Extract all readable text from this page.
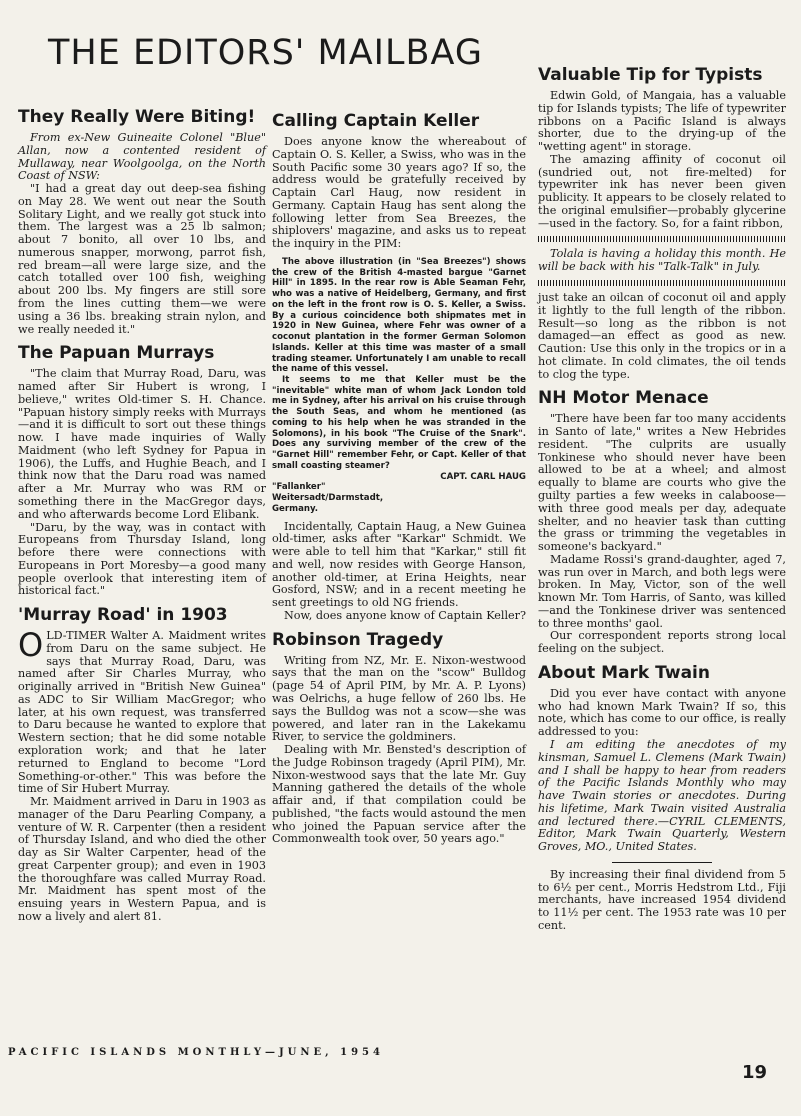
THE EDITORS' MAILBAG
They Really Were Biting!

From ex-New Guineaite Colonel "Blue" Allan, now a contented resident of Mullaway, near Woolgoolga, on the North Coast of NSW:

"I had a great day out deep-sea fishing on May 28. We went out near the South Solitary Light, and we really got stuck into them. The largest was a 25 lb salmon; about 7 bonito, all over 10 lbs, and numerous snapper, morwong, parrot fish, red bream—all were large size, and the catch totalled over 100 fish, weighing about 200 lbs. My fingers are still sore from the lines cutting them—we were using a 36 lbs. breaking strain nylon, and we really needed it."

The Papuan Murrays

"The claim that Murray Road, Daru, was named after Sir Hubert is wrong, I believe," writes Old-timer S. H. Chance. "Papuan history simply reeks with Murrays—and it is difficult to sort out these things now. I have made inquiries of Wally Maidment (who left Sydney for Papua in 1906), the Luffs, and Hughie Beach, and I think now that the Daru road was named after a Mr. Murray who was RM or something there in the MacGregor days, and who afterwards become Lord Elibank.

"Daru, by the way, was in contact with Europeans from Thursday Island, long before there were connections with Europeans in Port Moresby—a good many people overlook that interesting item of historical fact."

'Murray Road' in 1903

OLD-TIMER Walter A. Maidment writes from Daru on the same subject. He says that Murray Road, Daru, was named after Sir Charles Murray, who originally arrived in "British New Guinea" as ADC to Sir William MacGregor; who later, at his own request, was transferred to Daru because he wanted to explore that Western section; that he did some notable exploration work; and that he later returned to England to become "Lord Something-or-other." This was before the time of Sir Hubert Murray.

Mr. Maidment arrived in Daru in 1903 as manager of the Daru Pearling Company, a venture of W. R. Carpenter (then a resident of Thursday Island, and who died the other day as Sir Walter Carpenter, head of the great Carpenter group); and even in 1903 the thoroughfare was called Murray Road. Mr. Maidment has spent most of the ensuing years in Western Papua, and is now a lively and alert 81.

Calling Captain Keller

Does anyone know the whereabout of Captain O. S. Keller, a Swiss, who was in the South Pacific some 30 years ago? If so, the address would be gratefully received by Captain Carl Haug, now resident in Germany. Captain Haug has sent along the following letter from Sea Breezes, the shiplovers' magazine, and asks us to repeat the inquiry in the PIM:

The above illustration (in "Sea Breezes") shows the crew of the British 4-masted bargue "Garnet Hill" in 1895. In the rear row is Able Seaman Fehr, who was a native of Heidelberg, Germany, and first on the left in the front row is O. S. Keller, a Swiss. By a curious coincidence both shipmates met in 1920 in New Guinea, where Fehr was owner of a coconut plantation in the former German Solomon Islands. Keller at this time was master of a small trading steamer. Unfortunately I am unable to recall the name of this vessel.

It seems to me that Keller must be the "inevitable" white man of whom Jack London told me in Sydney, after his arrival on his cruise through the South Seas, and whom he mentioned (as coming to his help when he was stranded in the Solomons), in his book "The Cruise of the Snark". Does any surviving member of the crew of the "Garnet Hill" remember Fehr, or Capt. Keller of that small coasting steamer?

CAPT. CARL HAUG

"Fallanker"

Weitersadt/Darmstadt,

Germany.

Incidentally, Captain Haug, a New Guinea old-timer, asks after "Karkar" Schmidt. We were able to tell him that "Karkar," still fit and well, now resides with George Hanson, another old-timer, at Erina Heights, near Gosford, NSW; and in a recent meeting he sent greetings to old NG friends.

Now, does anyone know of Captain Keller?

Robinson Tragedy

Writing from NZ, Mr. E. Nixon-westwood says that the man on the "scow" Bulldog (page 54 of April PIM, by Mr. A. P. Lyons) was Oelrichs, a huge fellow of 260 lbs. He says the Bulldog was not a scow—she was powered, and later ran in the Lakekamu River, to service the goldminers.

Dealing with Mr. Bensted's description of the Judge Robinson tragedy (April PIM), Mr. Nixon-westwood says that the late Mr. Guy Manning gathered the details of the whole affair and, if that compilation could be published, "the facts would astound the men who joined the Papuan service after the Commonwealth took over, 50 years ago."

Valuable Tip for Typists

Edwin Gold, of Mangaia, has a valuable tip for Islands typists; The life of typewriter ribbons on a Pacific Island is always shorter, due to the drying-up of the "wetting agent" in storage.

The amazing affinity of coconut oil (sundried out, not fire-melted) for typewriter ink has never been given publicity. It appears to be closely related to the original emulsifier—probably glycerine—used in the factory. So, for a faint ribbon,

Tolala is having a holiday this month. He will be back with his "Talk-Talk" in July.

just take an oilcan of coconut oil and apply it lightly to the full length of the ribbon. Result—so long as the ribbon is not damaged—an effect as good as new. Caution: Use this only in the tropics or in a hot climate. In cold climates, the oil tends to clog the type.

NH Motor Menace

"There have been far too many accidents in Santo of late," writes a New Hebrides resident. "The culprits are usually Tonkinese who should never have been allowed to be at a wheel; and almost equally to blame are courts who give the guilty parties a few weeks in calaboose—with three good meals per day, adequate shelter, and no heavier task than cutting the grass or trimming the vegetables in someone's backyard."

Madame Rossi's grand-daughter, aged 7, was run over in March, and both legs were broken. In May, Victor, son of the well known Mr. Tom Harris, of Santo, was killed—and the Tonkinese driver was sentenced to three months' gaol.

Our correspondent reports strong local feeling on the subject.

About Mark Twain

Did you ever have contact with anyone who had known Mark Twain? If so, this note, which has come to our office, is really addressed to you:

I am editing the anecdotes of my kinsman, Samuel L. Clemens (Mark Twain) and I shall be happy to hear from readers of the Pacific Islands Monthly who may have Twain stories or anecdotes. During his lifetime, Mark Twain visited Australia and lectured there.—CYRIL CLEMENTS, Editor, Mark Twain Quarterly, Western Groves, MO., United States.

By increasing their final dividend from 5 to 6½ per cent., Morris Hedstrom Ltd., Fiji merchants, have increased 1954 dividend to 11½ per cent. The 1953 rate was 10 per cent.

PACIFIC ISLANDS MONTHLY—JUNE, 1954
19
